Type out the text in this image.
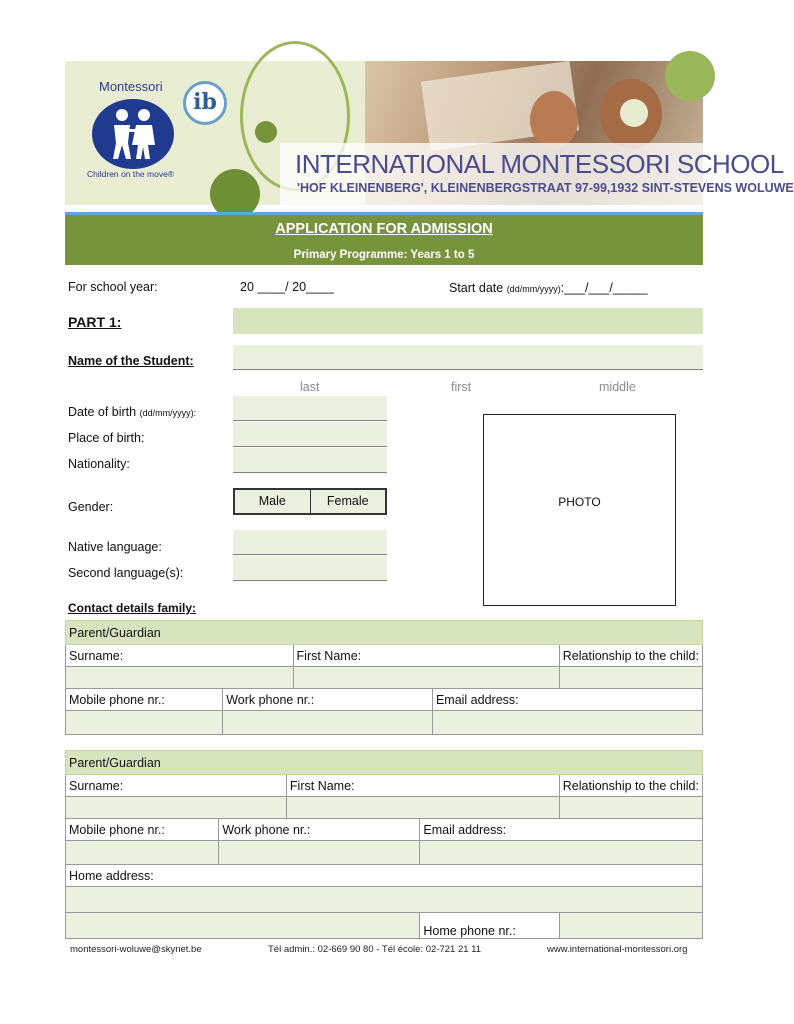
Montessori
Children on the move®
ib
INTERNATIONAL MONTESSORI SCHOOL
'HOF KLEINENBERG', KLEINENBERGSTRAAT 97-99,1932 SINT-STEVENS WOLUWE
APPLICATION FOR ADMISSION
Primary Programme: Years 1 to 5
For school year:	20 ____/ 20____	Start date (dd/mm/yyyy):___/___/_____
PART 1:
Name of the Student:
last	first	middle
Date of birth (dd/mm/yyyy):
Place of birth:
Nationality:
Gender:	Male	Female
Native language:
Second language(s):
PHOTO
Contact details family:
Parent/Guardian				
Surname:		First Name:		Relationship to the child:

Mobile phone nr.:	Work phone nr.:		Email address:	

Parent/Guardian				
Surname:		First Name:		Relationship to the child:

Mobile phone nr.:	Work phone nr.:		Email address:	

Home address:				

			Home phone nr.:	
montessori-woluwe@skynet.be	Tél admin.: 02-669 90 80 - Tél école: 02-721 21 11	www.international-montessori.org
